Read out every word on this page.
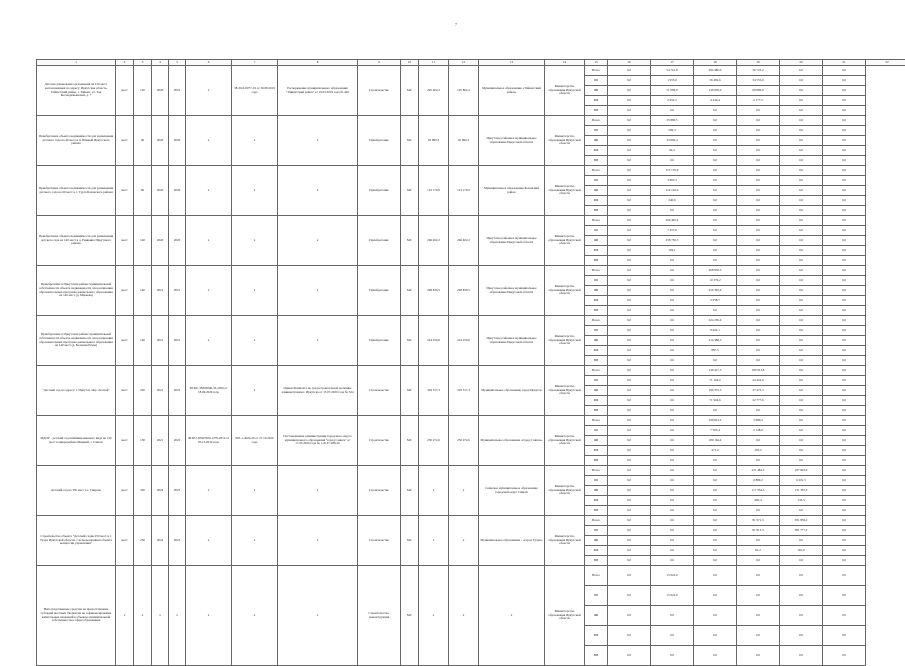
7
1	2	3	4	5	6	7	8	9	10	11	12	13	14	15	16	17	18	19	20	21	22
Детская дошкольная организация на 120 мест, расположенная по адресу: Иркутская область, Тайшетский район, г. Тайшет, ул. Зои Космодемьянской, д. 7	мест	120	2020	2022	х	38-30-0-0077-19 от 30.08.2019 года	Распоряжение муниципального образования "Тайшетский район" от 19.03.2019 года № 492	Строительство	МС	295 602,2	195 862,2	Муниципальное образование «Тайшетский район»	Министерство образования Иркутской области	Всего	0,0	54 761,8	284 480,0	36 723,2	0,0	0,0	
														ОБ	0,0	1 955,0	36 482,6	34 555,0	0,0	0,0	
														ФБ	0,0	51 696,0	146 030,0	69 890,0	0,0	0,0	
														МБ	0,0	2 952,5	4 436,4	2 177,5	0,0	0,0	
														ВИ	0,0	0,0	0,0	0,0	0,0	0,0	
Приобретение объекта недвижимости для размещения детского сада на 40 мест в п. Южный Иркутского района	мест	40	2020	2020	х	х	х	Приобретение	МС	45 990,3	45 990,3	Иркутское районное муниципальное образование Иркутской области	Министерство образования Иркутской области	Всего	0,0	35 880,5	0,0	0,0	0,0	0,0	
														ОБ	0,0	509,3	0,0	0,0	0,0	0,0	
														ФБ	0,0	34 996,4	0,0	0,0	0,0	0,0	
														МБ	0,0	92,2	0,0	0,0	0,0	0,0	
														ВИ	0,0	0,0	0,0	0,0	0,0	0,0	
Приобретение объекта недвижимости для размещения детского сада на 60 мест в с. Турга Боханского района	мест	60	2020	2020	х	х	х	Приобретение	МС	123 170,9	123 170,9	Муниципальное образование Боханский район	Министерство образования Иркутской области	Всего	0,0	113 170,9	0,0	0,0	0,0	0,0	
														ОБ	0,0	3 803,3	0,0	0,0	0,0	0,0	
														ФБ	0,0	119 120,0	0,0	0,0	0,0	0,0	
														МБ	0,0	240,6	0,0	0,0	0,0	0,0	
														ВИ	0,0	0,0	0,0	0,0	0,0	0,0	
Приобретение объекта недвижимости для размещения детского сада на 140 мест в д. Ревякина Иркутского района	мест	140	2020	2020	х	х	х	Приобретение	МС	266 402,2	266 402,2	Иркутское районное муниципальное образование Иркутской области	Министерство образования Иркутской области	Всего	0,0	266 402,2	0,0	0,0	0,0	0,0	
														ОБ	0,0	7 457,6	0,0	0,0	0,0	0,0	
														ФБ	0,0	258 750,5	0,0	0,0	0,0	0,0	
														МБ	0,0	194,1	0,0	0,0	0,0	0,0	
														ВИ	0,0	0,0	0,0	0,0	0,0	0,0	
Приобретение в Иркутском районе муниципальной собственности объекта недвижимости для реализации образовательных программ дошкольного образования на 140 мест (д. Маркова)	мест	140	2021	2021	х	х	х	Приобретение	МС	268 830,5	268 830,5	Иркутское районное муниципальное образование Иркутской области	Министерство образования Иркутской области	Всего	0,0	0,0	268 830,5	0,0	0,0	0,0	
														ОБ	0,0	0,0	10 379,2	0,0	0,0	0,0	
														ФБ	0,0	0,0	256 392,6	0,0	0,0	0,0	
														МБ	0,0	0,0	2 058,7	0,0	0,0	0,0	
														ВИ	0,0	0,0	0,0	0,0	0,0	0,0	
Приобретение в Иркутском районе муниципальной собственности объекта недвижимости для реализации образовательных программ дошкольного образования на 140 мест (д. Большая Речка)	мест	140	2021	2021	х	х	х	Приобретение	МС	224 250,0	224 250,0	Иркутское районное муниципальное образование Иркутской области	Министерство образования Иркутской области	Всего	0,0	0,0	224 250,0	0,0	0,0	0,0	
														ОБ	0,0	0,0	9 022,1	0,0	0,0	0,0	
														ФБ	0,0	0,0	214 480,5	0,0	0,0	0,0	
														МБ	0,0	0,0	887,5	0,0	0,0	0,0	
														ВИ	0,0	0,0	0,0	0,0	0,0	0,0	
"Детский сад по адресу: г. Иркутск, мкр. Лесной"	мест	220	2021	2022	38-RU-38303000-33-2020 от 18.06.2020 года	х	Приказ Комитета по градостроительной политике администрации г. Иркутска от 15.07.2020 года № 324	Строительство	МС	329 317,3	329 317,3	Муниципальное образование город Иркутск	Министерство образования Иркутской области	Всего	0,0	0,0	149 417,5	180 913,8	0,0	0,0	
														ОБ	0,0	0,0	71 104,6	44 422,9	0,0	0,0	
														ФБ	0,0	0,0	186 372,5	37 473,3	0,0	0,0	
														МБ	0,0	0,0	71 904,6	22 777,6	0,0	0,0	
														ВИ	0,0	0,0	0,0	0,0	0,0	0,0	
МДОУ - детский сад комбинированного вида на 150 мест в микрорайоне Мирный, г. Саянск	мест	150	2021	2022	38-RU-38307000-1278-2019 от 05.12.2019 года	905-1-4020-20 от 27.10.2020 года	Постановление администрации городского округа муниципального образования "город Саянск" от 17.03.2020 года № 110-37-289-20	Строительство	МС	230 272,6	230 272,6	Муниципальное образование «Город Саянск»	Министерство образования Иркутской области	Всего	0,0	0,0	199 812,2	5 089,2	0,0	0,0	
														ОБ	0,0	0,0	7 505,4	2 148,0	0,0	0,0	
														ФБ	0,0	0,0	189 164,4	0,0	0,0	0,0	
														МБ	0,0	0,0	471,2	293,2	0,0	0,0	
														ВИ	0,0	0,0	0,0	0,0	0,0	0,0	
Детский сад на 350 мест в г. Свирске	мест	350	2022	2023	х	х	х	Строительство	МС	х	х	Свирское муниципальное образование городской округ Свирск	Министерство образования Иркутской области	Всего	0,0	0,0	0,0	221 484,3	187 922,9	0,0	
														ОБ	0,0	0,0	0,0	6 889,2	6 201,5	0,0	
														ФБ	0,0	0,0	0,0	117 334,5	131 335,3	0,0	
														МБ	0,0	0,0	0,0	460,4	132,5	0,0	
														ВИ	0,0	0,0	0,0	0,0	0,0	0,0	
Строительство объекта "Детский садик 250 мест в г. Тулун Иркутской области, с использованием объекта концессии управления"	мест	250	2022	2023	х	х	х	Строительство	МС	х	х	Муниципальное образование - «город Тулун»	Министерство образования Иркутской области	Всего	0,0	0,0	0,0	81 971,3	381 859,2	0,0	
														ОБ	0,0	0,0	0,0	81 913,3	381 777,2	0,0	
														ФБ	0,0	0,0	0,0	0,0	0,0	0,0	
														МБ	0,0	0,0	0,0	81,2	181,0	0,0	
														ВИ	0,0	0,0	0,0	0,0	0,0	0,0	
Непосредственные средства на предоставление субсидий местным бюджетам на софинансирование капитальных вложений в объекты муниципальной собственности в сфере образования	х	х	х	х	х	х	х	Строительство, реконструкция	МС	х	х	х	Министерство образования Иркутской области	Всего	0,0	15 622,0	0,0	0,0	0,0	0,0	
														ОБ	0,0	15 622,0	0,0	0,0	0,0	0,0	
														ФБ	0,0	0,0	0,0	0,0	0,0	0,0	
														МБ	0,0	0,0	0,0	0,0	0,0	0,0	
														ВИ	0,0	0,0	0,0	0,0	0,0	0,0	
